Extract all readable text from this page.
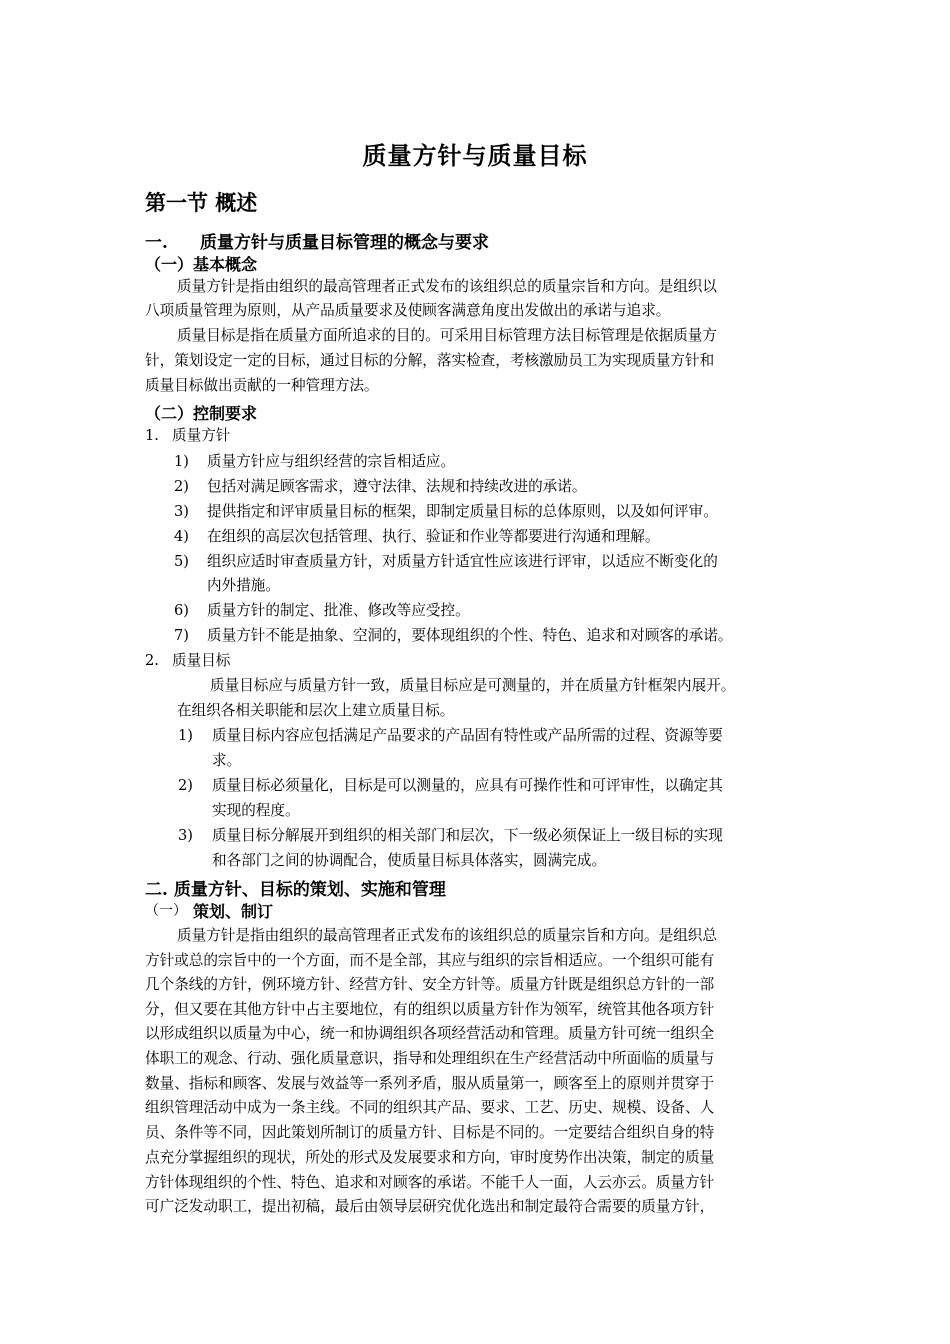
质量方针与质量目标
第一节 概述
一. 质量方针与质量目标管理的概念与要求
（一）基本概念
质量方针是指由组织的最高管理者正式发布的该组织总的质量宗旨和方向。是组织以
八项质量管理为原则，从产品质量要求及使顾客满意角度出发做出的承诺与追求。
质量目标是指在质量方面所追求的目的。可采用目标管理方法目标管理是依据质量方
针，策划设定一定的目标，通过目标的分解，落实检查，考核激励员工为实现质量方针和
质量目标做出贡献的一种管理方法。
（二）控制要求
1. 质量方针
1) 质量方针应与组织经营的宗旨相适应。
2) 包括对满足顾客需求，遵守法律、法规和持续改进的承诺。
3) 提供指定和评审质量目标的框架，即制定质量目标的总体原则，以及如何评审。
4) 在组织的高层次包括管理、执行、验证和作业等都要进行沟通和理解。
5) 组织应适时审查质量方针，对质量方针适宜性应该进行评审，以适应不断变化的
内外措施。
6) 质量方针的制定、批准、修改等应受控。
7) 质量方针不能是抽象、空洞的，要体现组织的个性、特色、追求和对顾客的承诺。
2. 质量目标
质量目标应与质量方针一致，质量目标应是可测量的，并在质量方针框架内展开。
在组织各相关职能和层次上建立质量目标。
1) 质量目标内容应包括满足产品要求的产品固有特性或产品所需的过程、资源等要
求。
2) 质量目标必须量化，目标是可以测量的，应具有可操作性和可评审性，以确定其
实现的程度。
3) 质量目标分解展开到组织的相关部门和层次，下一级必须保证上一级目标的实现
和各部门之间的协调配合，使质量目标具体落实，圆满完成。
二. 质量方针、目标的策划、实施和管理
（一） 策划、制订
质量方针是指由组织的最高管理者正式发布的该组织总的质量宗旨和方向。是组织总
方针或总的宗旨中的一个方面，而不是全部，其应与组织的宗旨相适应。一个组织可能有
几个条线的方针，例环境方针、经营方针、安全方针等。质量方针既是组织总方针的一部
分，但又要在其他方针中占主要地位，有的组织以质量方针作为领军，统管其他各项方针
以形成组织以质量为中心，统一和协调组织各项经营活动和管理。质量方针可统一组织全
体职工的观念、行动、强化质量意识，指导和处理组织在生产经营活动中所面临的质量与
数量、指标和顾客、发展与效益等一系列矛盾，服从质量第一，顾客至上的原则并贯穿于
组织管理活动中成为一条主线。不同的组织其产品、要求、工艺、历史、规模、设备、人
员、条件等不同，因此策划所制订的质量方针、目标是不同的。一定要结合组织自身的特
点充分掌握组织的现状，所处的形式及发展要求和方向，审时度势作出决策，制定的质量
方针体现组织的个性、特色、追求和对顾客的承诺。不能千人一面，人云亦云。质量方针
可广泛发动职工，提出初稿，最后由领导层研究优化选出和制定最符合需要的质量方针，
